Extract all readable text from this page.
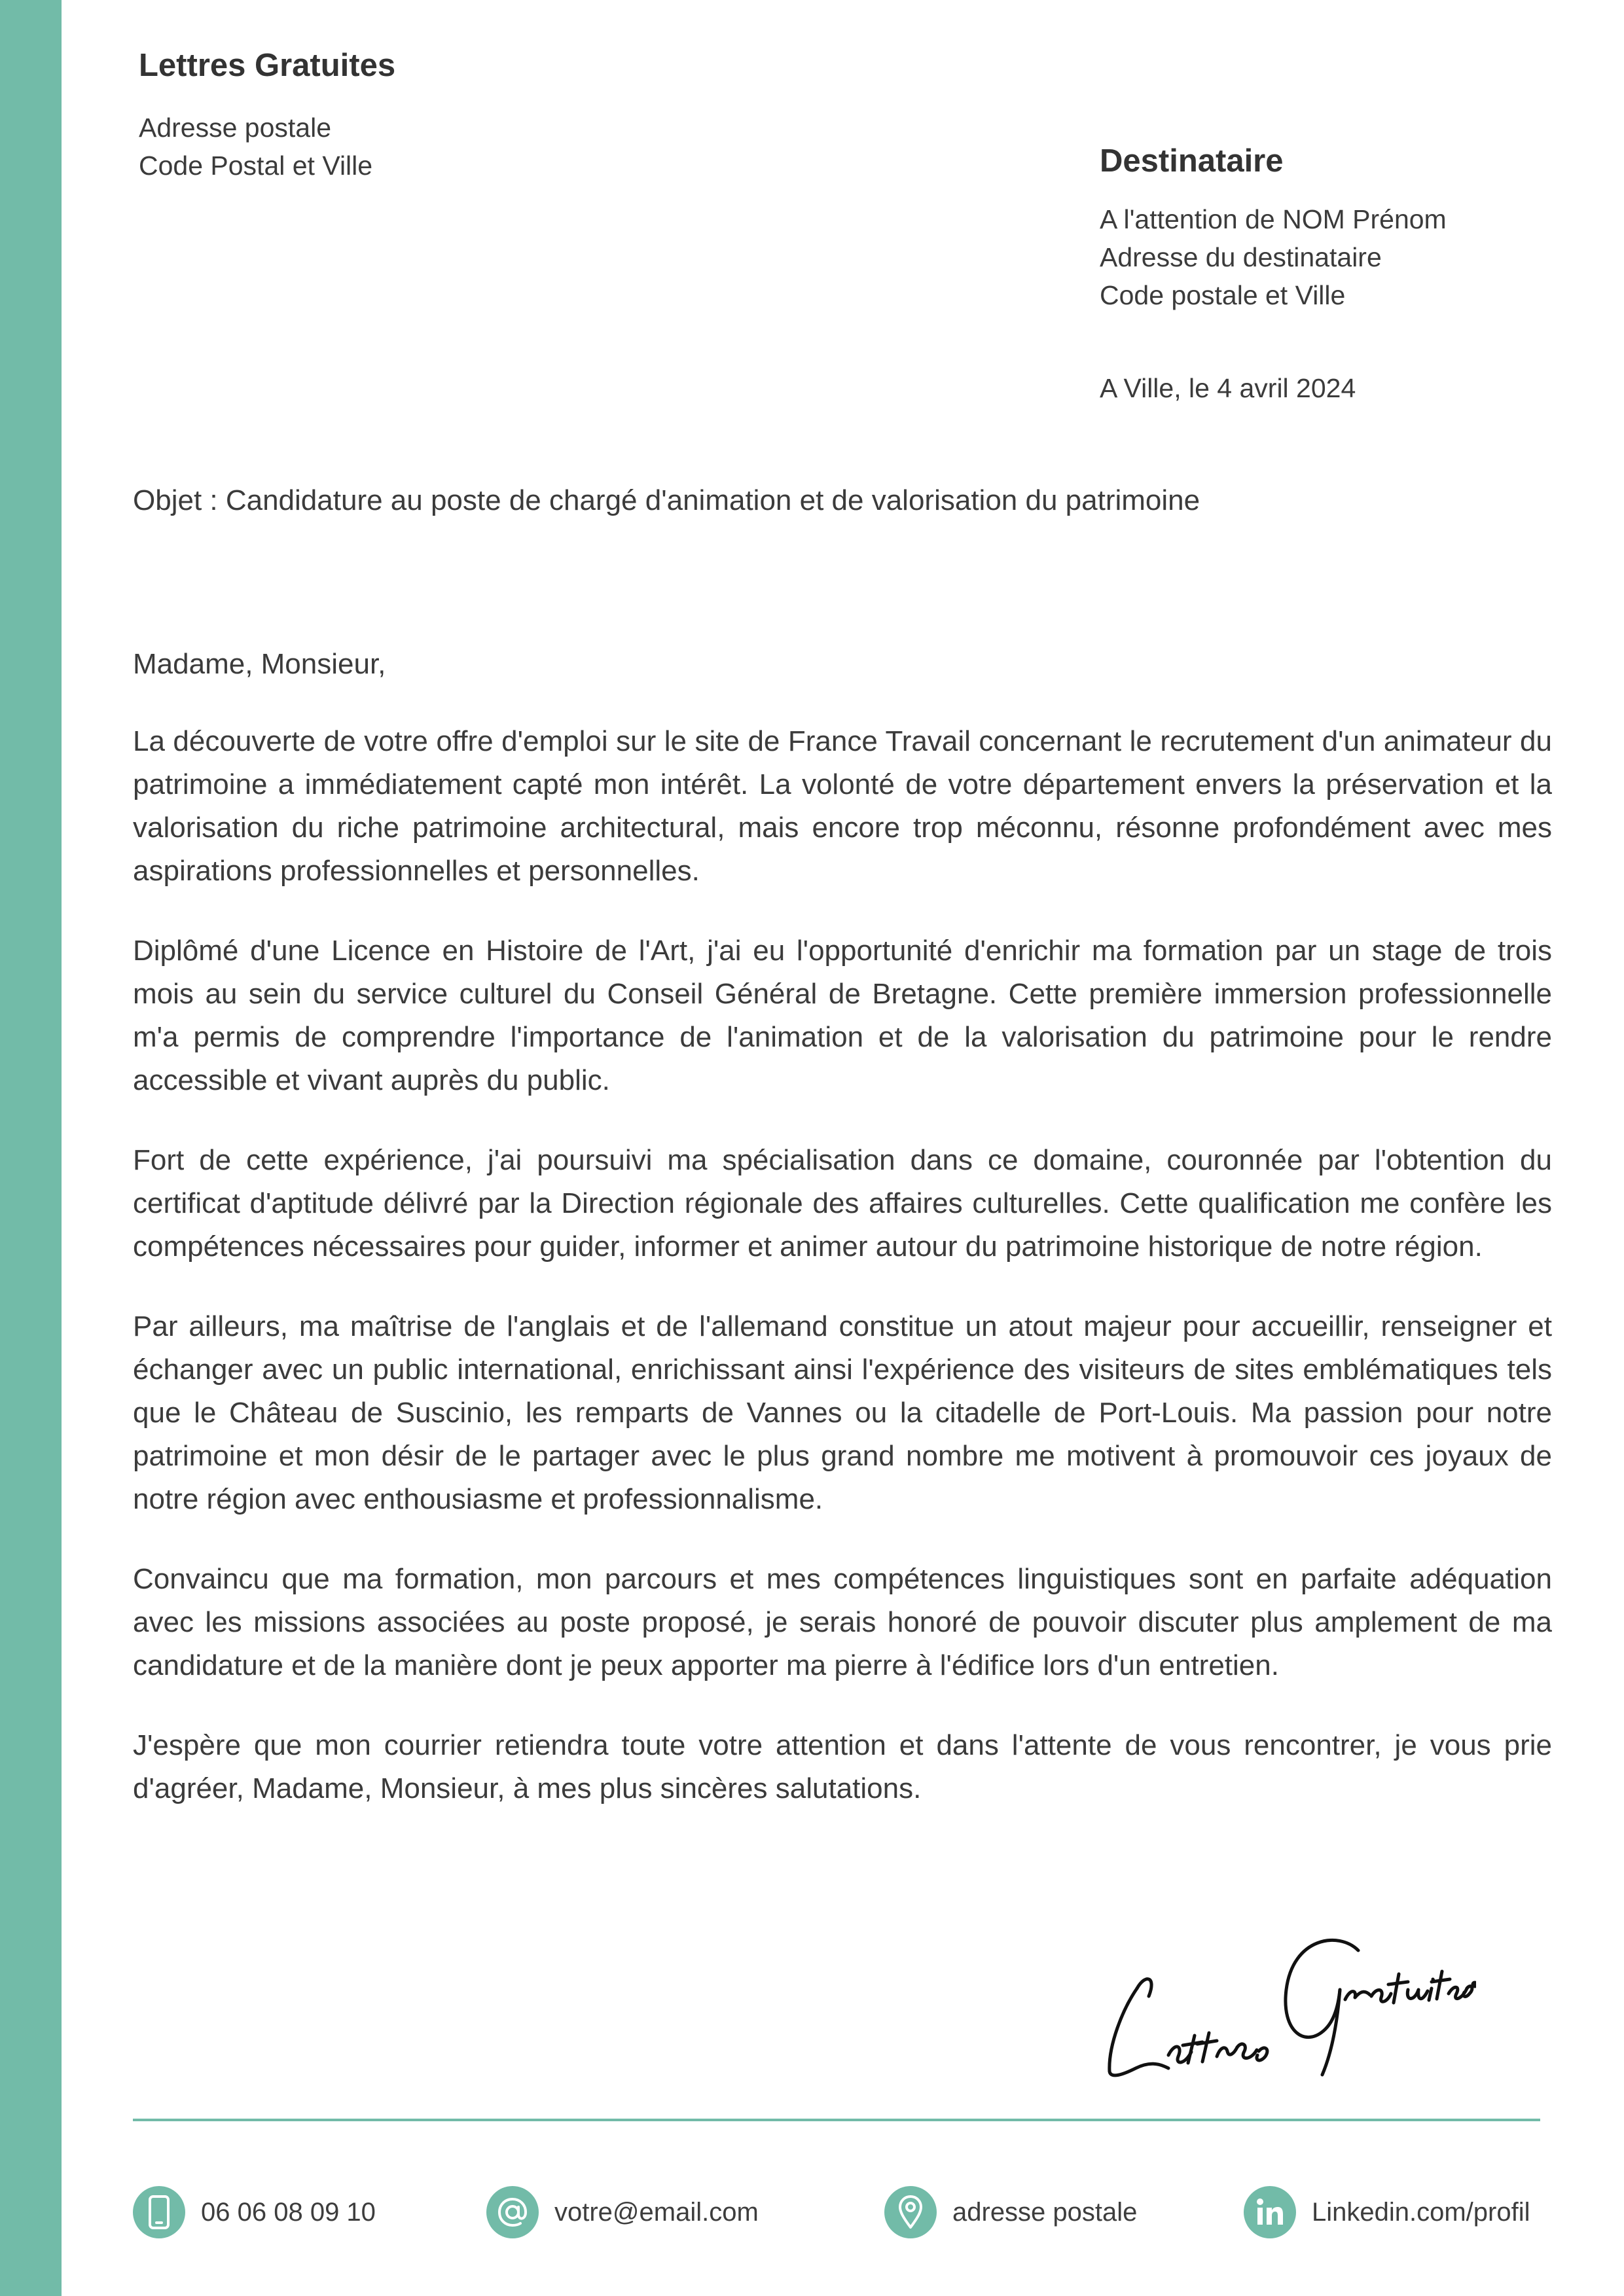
Lettres Gratuites

Adresse postale

Code Postal et Ville	Destinataire

A l'attention de NOM Prénom

Adresse du destinataire

Code postale et Ville

A Ville, le 4 avril 2024
Objet : Candidature au poste de chargé d'animation et de valorisation du patrimoine

Madame, Monsieur,

La découverte de votre offre d'emploi sur le site de France Travail concernant le recrutement d'un animateur du patrimoine a immédiatement capté mon intérêt. La volonté de votre département envers la préservation et la valorisation du riche patrimoine architectural, mais encore trop méconnu, résonne profondément avec mes aspirations professionnelles et personnelles.

Diplômé d'une Licence en Histoire de l'Art, j'ai eu l'opportunité d'enrichir ma formation par un stage de trois mois au sein du service culturel du Conseil Général de Bretagne. Cette première immersion professionnelle m'a permis de comprendre l'importance de l'animation et de la valorisation du patrimoine pour le rendre accessible et vivant auprès du public.

Fort de cette expérience, j'ai poursuivi ma spécialisation dans ce domaine, couronnée par l'obtention du certificat d'aptitude délivré par la Direction régionale des affaires culturelles. Cette qualification me confère les compétences nécessaires pour guider, informer et animer autour du patrimoine historique de notre région.

Par ailleurs, ma maîtrise de l'anglais et de l'allemand constitue un atout majeur pour accueillir, renseigner et échanger avec un public international, enrichissant ainsi l'expérience des visiteurs de sites emblématiques tels que le Château de Suscinio, les remparts de Vannes ou la citadelle de Port-Louis. Ma passion pour notre patrimoine et mon désir de le partager avec le plus grand nombre me motivent à promouvoir ces joyaux de notre région avec enthousiasme et professionnalisme.

Convaincu que ma formation, mon parcours et mes compétences linguistiques sont en parfaite adéquation avec les missions associées au poste proposé, je serais honoré de pouvoir discuter plus amplement de ma candidature et de la manière dont je peux apporter ma pierre à l'édifice lors d'un entretien.

J'espère que mon courrier retiendra toute votre attention et dans l'attente de vous rencontrer, je vous prie d'agréer, Madame, Monsieur, à mes plus sincères salutations.

06 06 08 09 10	votre@email.com	adresse postale	Linkedin.com/profil
